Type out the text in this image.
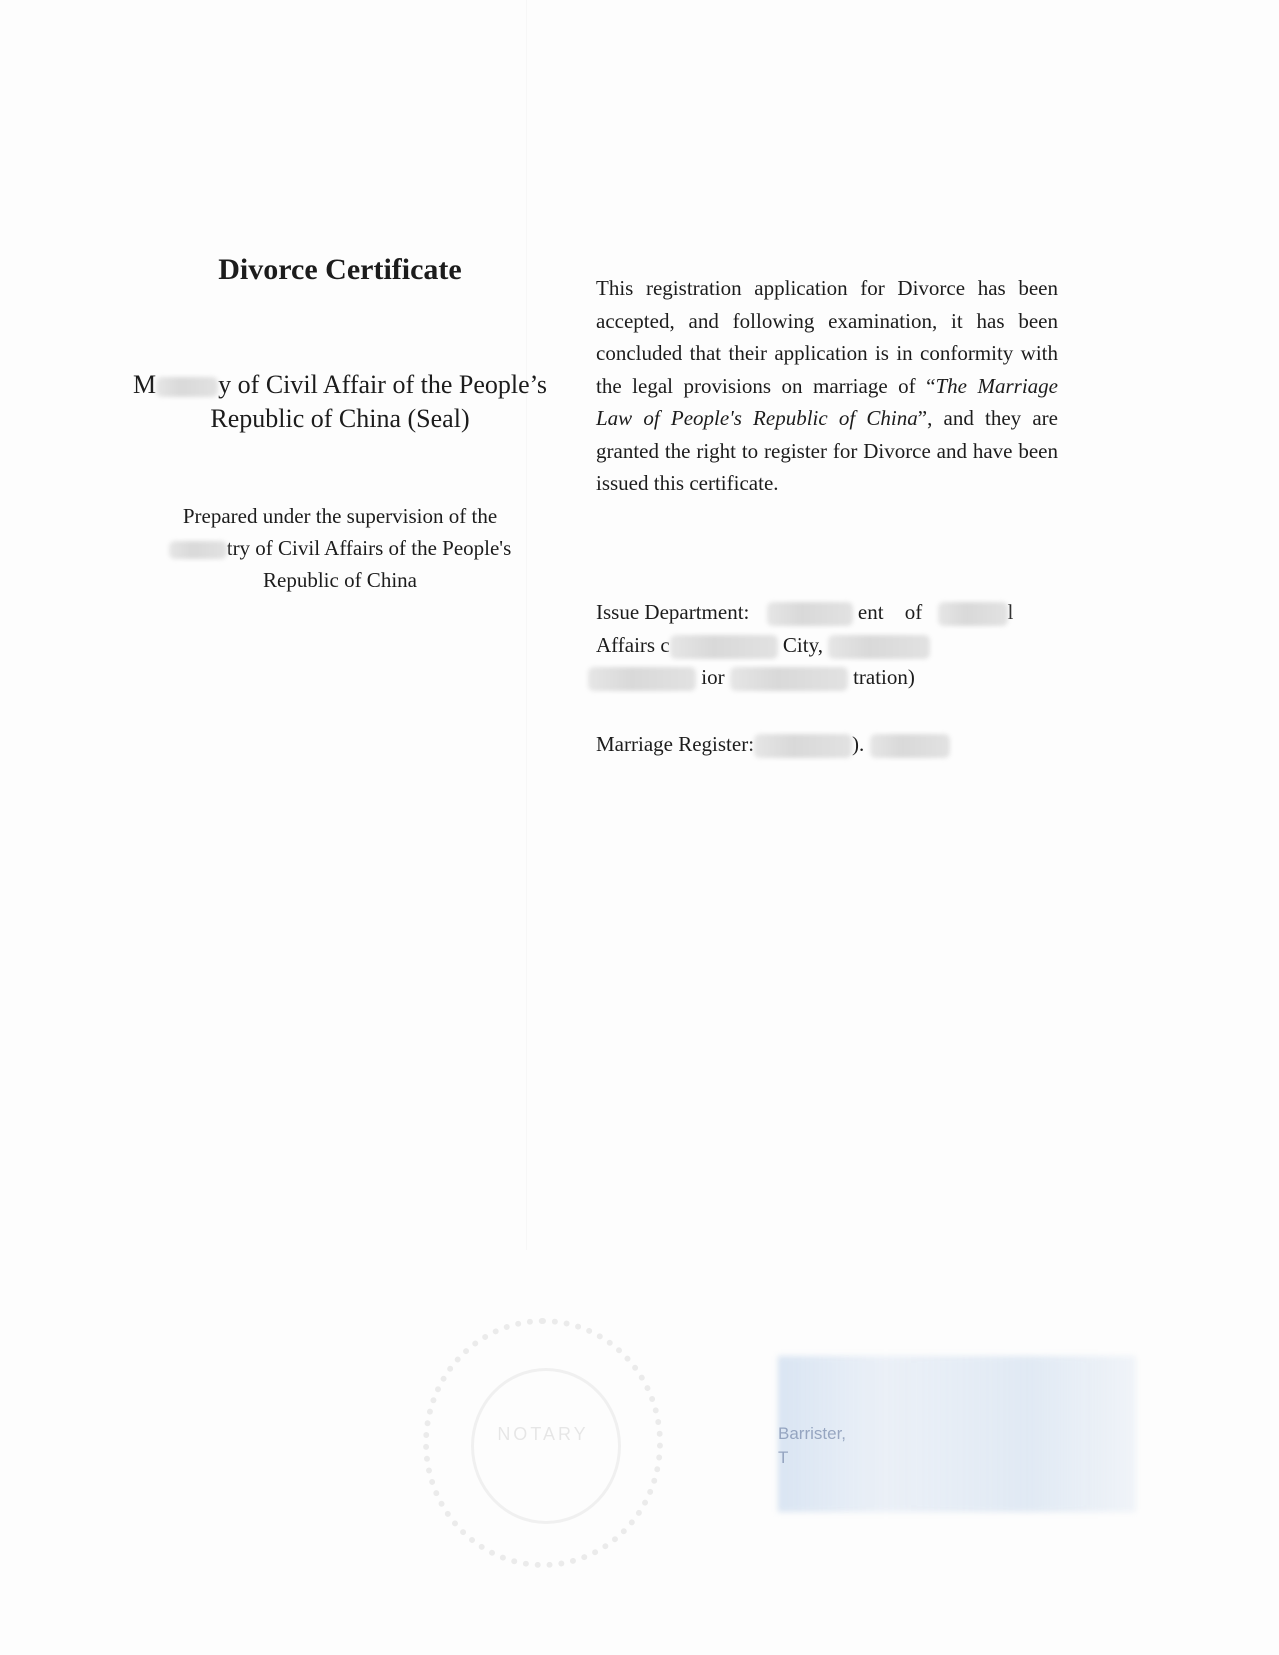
Divorce Certificate
M y of Civil Affair of the People’s
Republic of China (Seal)
Prepared under the supervision of the
try of Civil Affairs of the People's
Republic of China
This registration application for Divorce has been accepted, and following examination, it has been concluded that their application is in conformity with the legal provisions on marriage of “The Marriage Law of People's Republic of China”, and they are granted the right to register for Divorce and have been issued this certificate.
Issue Department:	ent of	l
Affairs c	City,
ior	tration)
Marriage Register:	).
NOTARY	Barrister,
T
